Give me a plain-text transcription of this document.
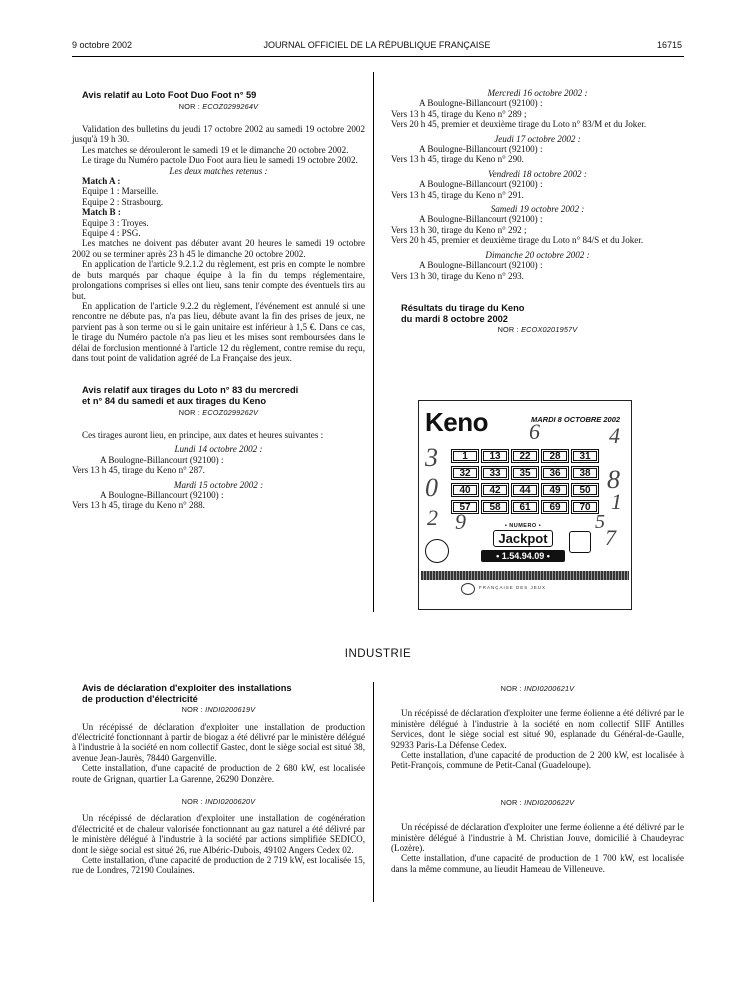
9 octobre 2002	JOURNAL OFFICIEL DE LA RÉPUBLIQUE FRANÇAISE	16715

Avis relatif au Loto Foot Duo Foot n° 59

NOR : ECOZ0299264V

Validation des bulletins du jeudi 17 octobre 2002 au samedi 19 octobre 2002 jusqu'à 19 h 30.

Les matches se dérouleront le samedi 19 et le dimanche 20 octobre 2002.

Le tirage du Numéro pactole Duo Foot aura lieu le samedi 19 octobre 2002.

Les deux matches retenus :

Match A :

Equipe 1 : Marseille.

Equipe 2 : Strasbourg.

Match B :

Equipe 3 : Troyes.

Equipe 4 : PSG.

Les matches ne doivent pas débuter avant 20 heures le samedi 19 octobre 2002 ou se terminer après 23 h 45 le dimanche 20 octobre 2002.

En application de l'article 9.2.1.2 du règlement, est pris en compte le nombre de buts marqués par chaque équipe à la fin du temps réglementaire, prolongations comprises si elles ont lieu, sans tenir compte des éventuels tirs au but.

En application de l'article 9.2.2 du règlement, l'événement est annulé si une rencontre ne débute pas, n'a pas lieu, débute avant la fin des prises de jeux, ne parvient pas à son terme ou si le gain unitaire est inférieur à 1,5 €. Dans ce cas, le tirage du Numéro pactole n'a pas lieu et les mises sont remboursées dans le délai de forclusion mentionné à l'article 12 du règlement, contre remise du reçu, dans tout point de validation agréé de La Française des jeux.

Avis relatif aux tirages du Loto n° 83 du mercredi

et n° 84 du samedi et aux tirages du Keno

NOR : ECOZ0299262V

Ces tirages auront lieu, en principe, aux dates et heures suivantes :

Lundi 14 octobre 2002 :

A Boulogne-Billancourt (92100) :

Vers 13 h 45, tirage du Keno n° 287.

Mardi 15 octobre 2002 :

A Boulogne-Billancourt (92100) :

Vers 13 h 45, tirage du Keno n° 288.

Mercredi 16 octobre 2002 :

A Boulogne-Billancourt (92100) :

Vers 13 h 45, tirage du Keno n° 289 ;

Vers 20 h 45, premier et deuxième tirage du Loto n° 83/M et du Joker.

Jeudi 17 octobre 2002 :

A Boulogne-Billancourt (92100) :

Vers 13 h 45, tirage du Keno n° 290.

Vendredi 18 octobre 2002 :

A Boulogne-Billancourt (92100) :

Vers 13 h 45, tirage du Keno n° 291.

Samedi 19 octobre 2002 :

A Boulogne-Billancourt (92100) :

Vers 13 h 30, tirage du Keno n° 292 ;

Vers 20 h 45, premier et deuxième tirage du Loto n° 84/S et du Joker.

Dimanche 20 octobre 2002 :

A Boulogne-Billancourt (92100) :

Vers 13 h 30, tirage du Keno n° 293.

Résultats du tirage du Keno

du mardi 8 octobre 2002

NOR : ECOX0201957V
Keno	MARDI 8 OCTOBRE 2002
6	4
3
0	8
1
2 9	5
7
1	13	22	28	31
32	33	35	36	38
40	42	44	49	50
57	58	61	69	70
• NUMERO •
Jackpot
• 1.54.94.09 •
FRANÇAISE DES JEUX
INDUSTRIE

Avis de déclaration d'exploiter des installations

de production d'électricité

NOR : INDI0200619V

Un récépissé de déclaration d'exploiter une installation de production d'électricité fonctionnant à partir de biogaz a été délivré par le ministère délégué à l'industrie à la société en nom collectif Gastec, dont le siège social est situé 38, avenue Jean-Jaurès, 78440 Gargenville.

Cette installation, d'une capacité de production de 2 680 kW, est localisée route de Grignan, quartier La Garenne, 26290 Donzère.

NOR : INDI0200620V

Un récépissé de déclaration d'exploiter une installation de cogénération d'électricité et de chaleur valorisée fonctionnant au gaz naturel a été délivré par le ministère délégué à l'industrie à la société par actions simplifiée SEDICO, dont le siège social est situé 26, rue Albéric-Dubois, 49102 Angers Cedex 02.

Cette installation, d'une capacité de production de 2 719 kW, est localisée 15, rue de Londres, 72190 Coulaines.

NOR : INDI0200621V

Un récépissé de déclaration d'exploiter une ferme éolienne a été délivré par le ministère délégué à l'industrie à la société en nom collectif SIIF Antilles Services, dont le siège social est situé 90, esplanade du Général-de-Gaulle, 92933 Paris-La Défense Cedex.

Cette installation, d'une capacité de production de 2 200 kW, est localisée à Petit-François, commune de Petit-Canal (Guadeloupe).

NOR : INDI0200622V

Un récépissé de déclaration d'exploiter une ferme éolienne a été délivré par le ministère délégué à l'industrie à M. Christian Jouve, domicilié à Chaudeyrac (Lozère).

Cette installation, d'une capacité de production de 1 700 kW, est localisée dans la même commune, au lieudit Hameau de Villeneuve.
